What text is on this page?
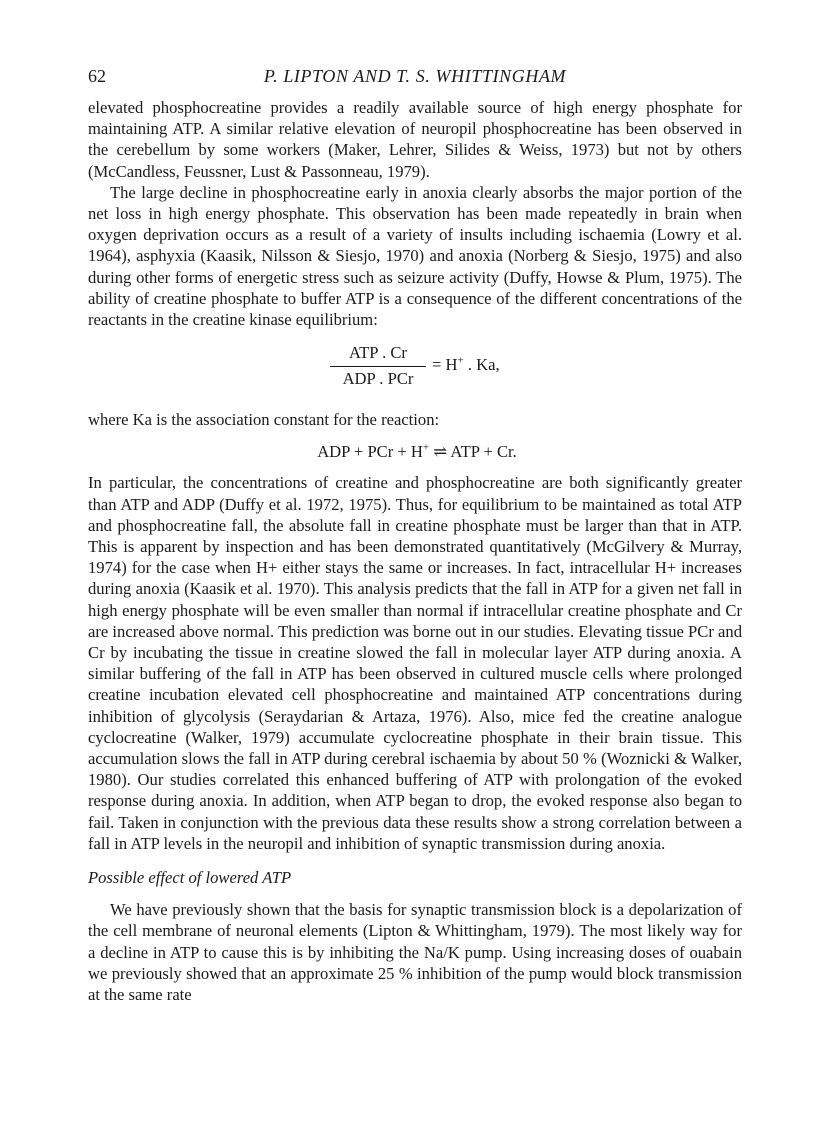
62	P. LIPTON AND T. S. WHITTINGHAM

elevated phosphocreatine provides a readily available source of high energy phosphate for maintaining ATP. A similar relative elevation of neuropil phosphocreatine has been observed in the cerebellum by some workers (Maker, Lehrer, Silides & Weiss, 1973) but not by others (McCandless, Feussner, Lust & Passonneau, 1979).

The large decline in phosphocreatine early in anoxia clearly absorbs the major portion of the net loss in high energy phosphate. This observation has been made repeatedly in brain when oxygen deprivation occurs as a result of a variety of insults including ischaemia (Lowry et al. 1964), asphyxia (Kaasik, Nilsson & Siesjo, 1970) and anoxia (Norberg & Siesjo, 1975) and also during other forms of energetic stress such as seizure activity (Duffy, Howse & Plum, 1975). The ability of creatine phosphate to buffer ATP is a consequence of the different concentrations of the reactants in the creatine kinase equilibrium:

ATP . Cr
ADP . PCr
= H+ . Ka,

where Ka is the association constant for the reaction:

ADP + PCr + H+ ⇌ ATP + Cr.

In particular, the concentrations of creatine and phosphocreatine are both significantly greater than ATP and ADP (Duffy et al. 1972, 1975). Thus, for equilibrium to be maintained as total ATP and phosphocreatine fall, the absolute fall in creatine phosphate must be larger than that in ATP. This is apparent by inspection and has been demonstrated quantitatively (McGilvery & Murray, 1974) for the case when H+ either stays the same or increases. In fact, intracellular H+ increases during anoxia (Kaasik et al. 1970). This analysis predicts that the fall in ATP for a given net fall in high energy phosphate will be even smaller than normal if intracellular creatine phosphate and Cr are increased above normal. This prediction was borne out in our studies. Elevating tissue PCr and Cr by incubating the tissue in creatine slowed the fall in molecular layer ATP during anoxia. A similar buffering of the fall in ATP has been observed in cultured muscle cells where prolonged creatine incubation elevated cell phosphocreatine and maintained ATP concentrations during inhibition of glycolysis (Seraydarian & Artaza, 1976). Also, mice fed the creatine analogue cyclocreatine (Walker, 1979) accumulate cyclocreatine phosphate in their brain tissue. This accumulation slows the fall in ATP during cerebral ischaemia by about 50 % (Woznicki & Walker, 1980). Our studies correlated this enhanced buffering of ATP with prolongation of the evoked response during anoxia. In addition, when ATP began to drop, the evoked response also began to fail. Taken in conjunction with the previous data these results show a strong correlation between a fall in ATP levels in the neuropil and inhibition of synaptic transmission during anoxia.

Possible effect of lowered ATP

We have previously shown that the basis for synaptic transmission block is a depolarization of the cell membrane of neuronal elements (Lipton & Whittingham, 1979). The most likely way for a decline in ATP to cause this is by inhibiting the Na/K pump. Using increasing doses of ouabain we previously showed that an approximate 25 % inhibition of the pump would block transmission at the same rate
